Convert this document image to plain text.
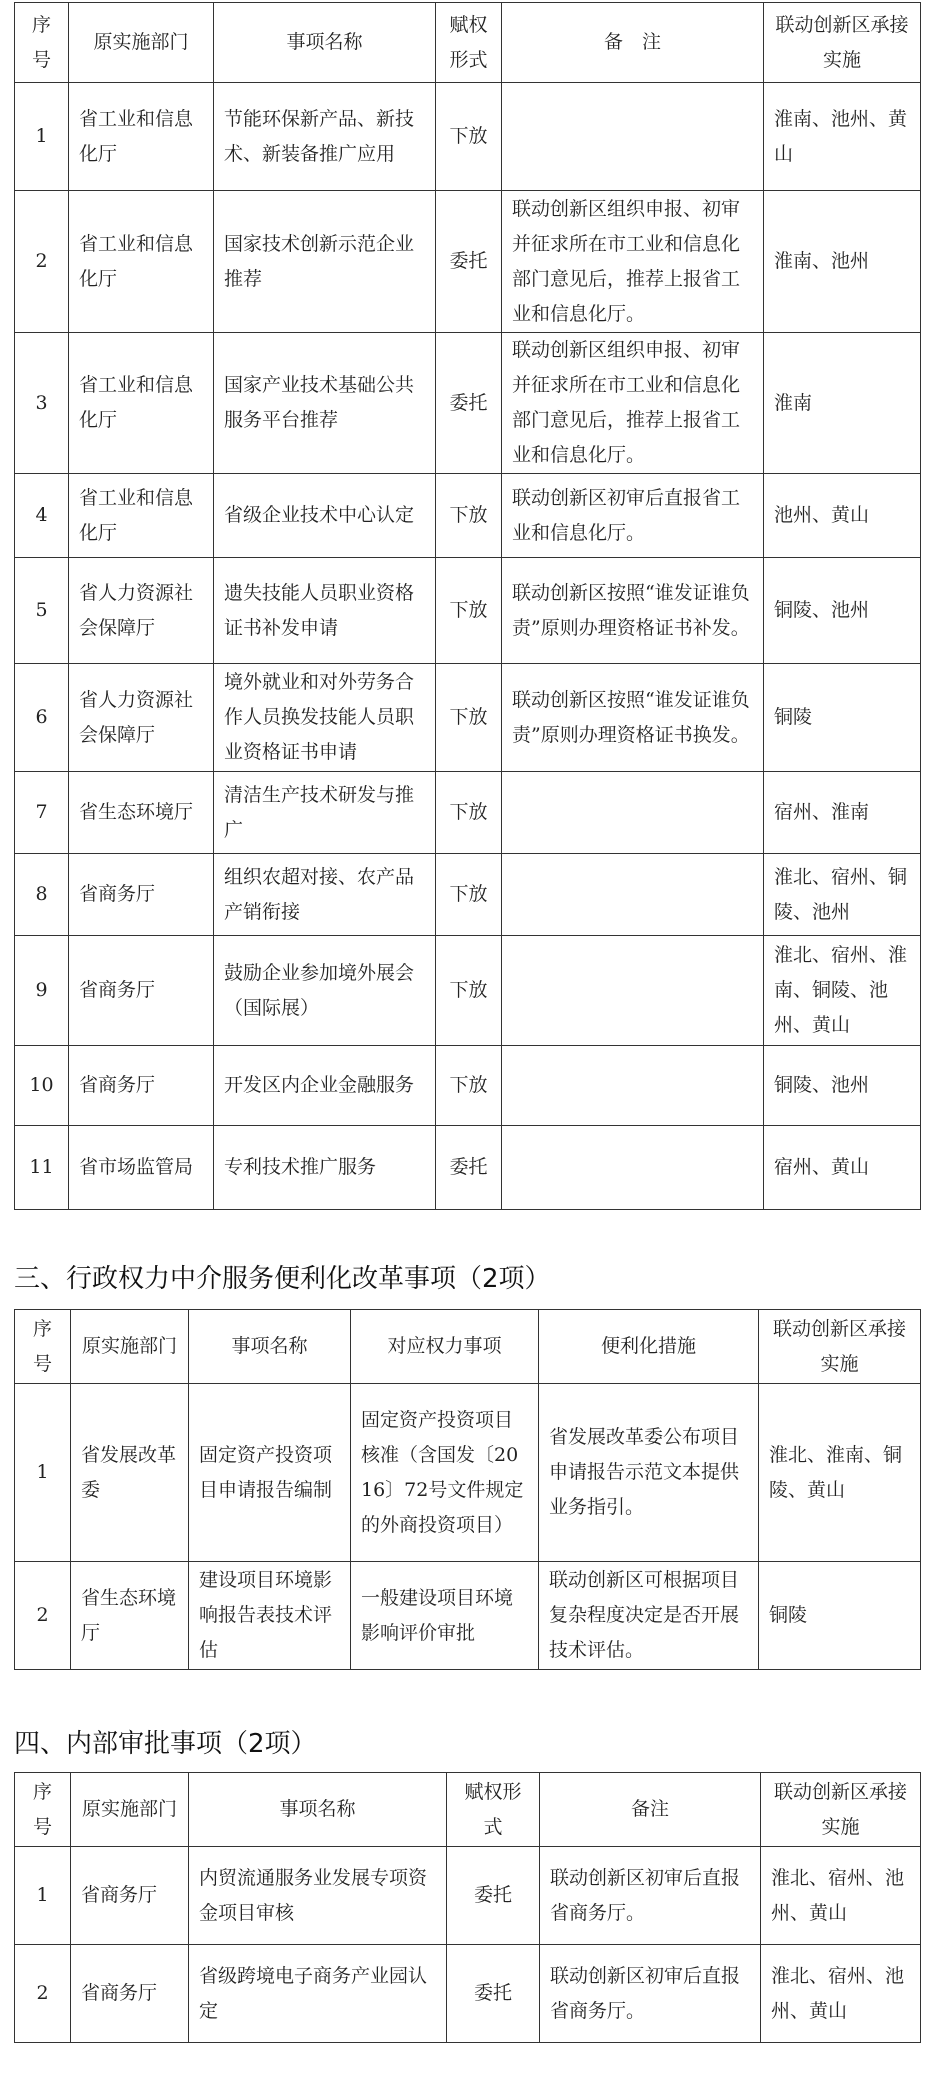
序号	原实施部门	事项名称	赋权形式	备　注	联动创新区承接实施
1	省工业和信息化厅	节能环保新产品、新技术、新装备推广应用	下放		淮南、池州、黄山
2	省工业和信息化厅	国家技术创新示范企业推荐	委托	联动创新区组织申报、初审并征求所在市工业和信息化部门意见后，推荐上报省工业和信息化厅。	淮南、池州
3	省工业和信息化厅	国家产业技术基础公共服务平台推荐	委托	联动创新区组织申报、初审并征求所在市工业和信息化部门意见后，推荐上报省工业和信息化厅。	淮南
4	省工业和信息化厅	省级企业技术中心认定	下放	联动创新区初审后直报省工业和信息化厅。	池州、黄山
5	省人力资源社会保障厅	遗失技能人员职业资格证书补发申请	下放	联动创新区按照“谁发证谁负责”原则办理资格证书补发。	铜陵、池州
6	省人力资源社会保障厅	境外就业和对外劳务合作人员换发技能人员职业资格证书申请	下放	联动创新区按照“谁发证谁负责”原则办理资格证书换发。	铜陵
7	省生态环境厅	清洁生产技术研发与推广	下放		宿州、淮南
8	省商务厅	组织农超对接、农产品产销衔接	下放		淮北、宿州、铜陵、池州
9	省商务厅	鼓励企业参加境外展会（国际展）	下放		淮北、宿州、淮南、铜陵、池州、黄山
10	省商务厅	开发区内企业金融服务	下放		铜陵、池州
11	省市场监管局	专利技术推广服务	委托		宿州、黄山
三、行政权力中介服务便利化改革事项（2项）
序号	原实施部门	事项名称	对应权力事项	便利化措施	联动创新区承接实施
1	省发展改革委	固定资产投资项目申请报告编制	固定资产投资项目核准（含国发〔2016〕72号文件规定的外商投资项目）	省发展改革委公布项目申请报告示范文本提供业务指引。	淮北、淮南、铜陵、黄山
2	省生态环境厅	建设项目环境影响报告表技术评估	一般建设项目环境影响评价审批	联动创新区可根据项目复杂程度决定是否开展技术评估。	铜陵
四、内部审批事项（2项）
序号	原实施部门	事项名称	赋权形式	备注	联动创新区承接实施
1	省商务厅	内贸流通服务业发展专项资金项目审核	委托	联动创新区初审后直报省商务厅。	淮北、宿州、池州、黄山
2	省商务厅	省级跨境电子商务产业园认定	委托	联动创新区初审后直报省商务厅。	淮北、宿州、池州、黄山
